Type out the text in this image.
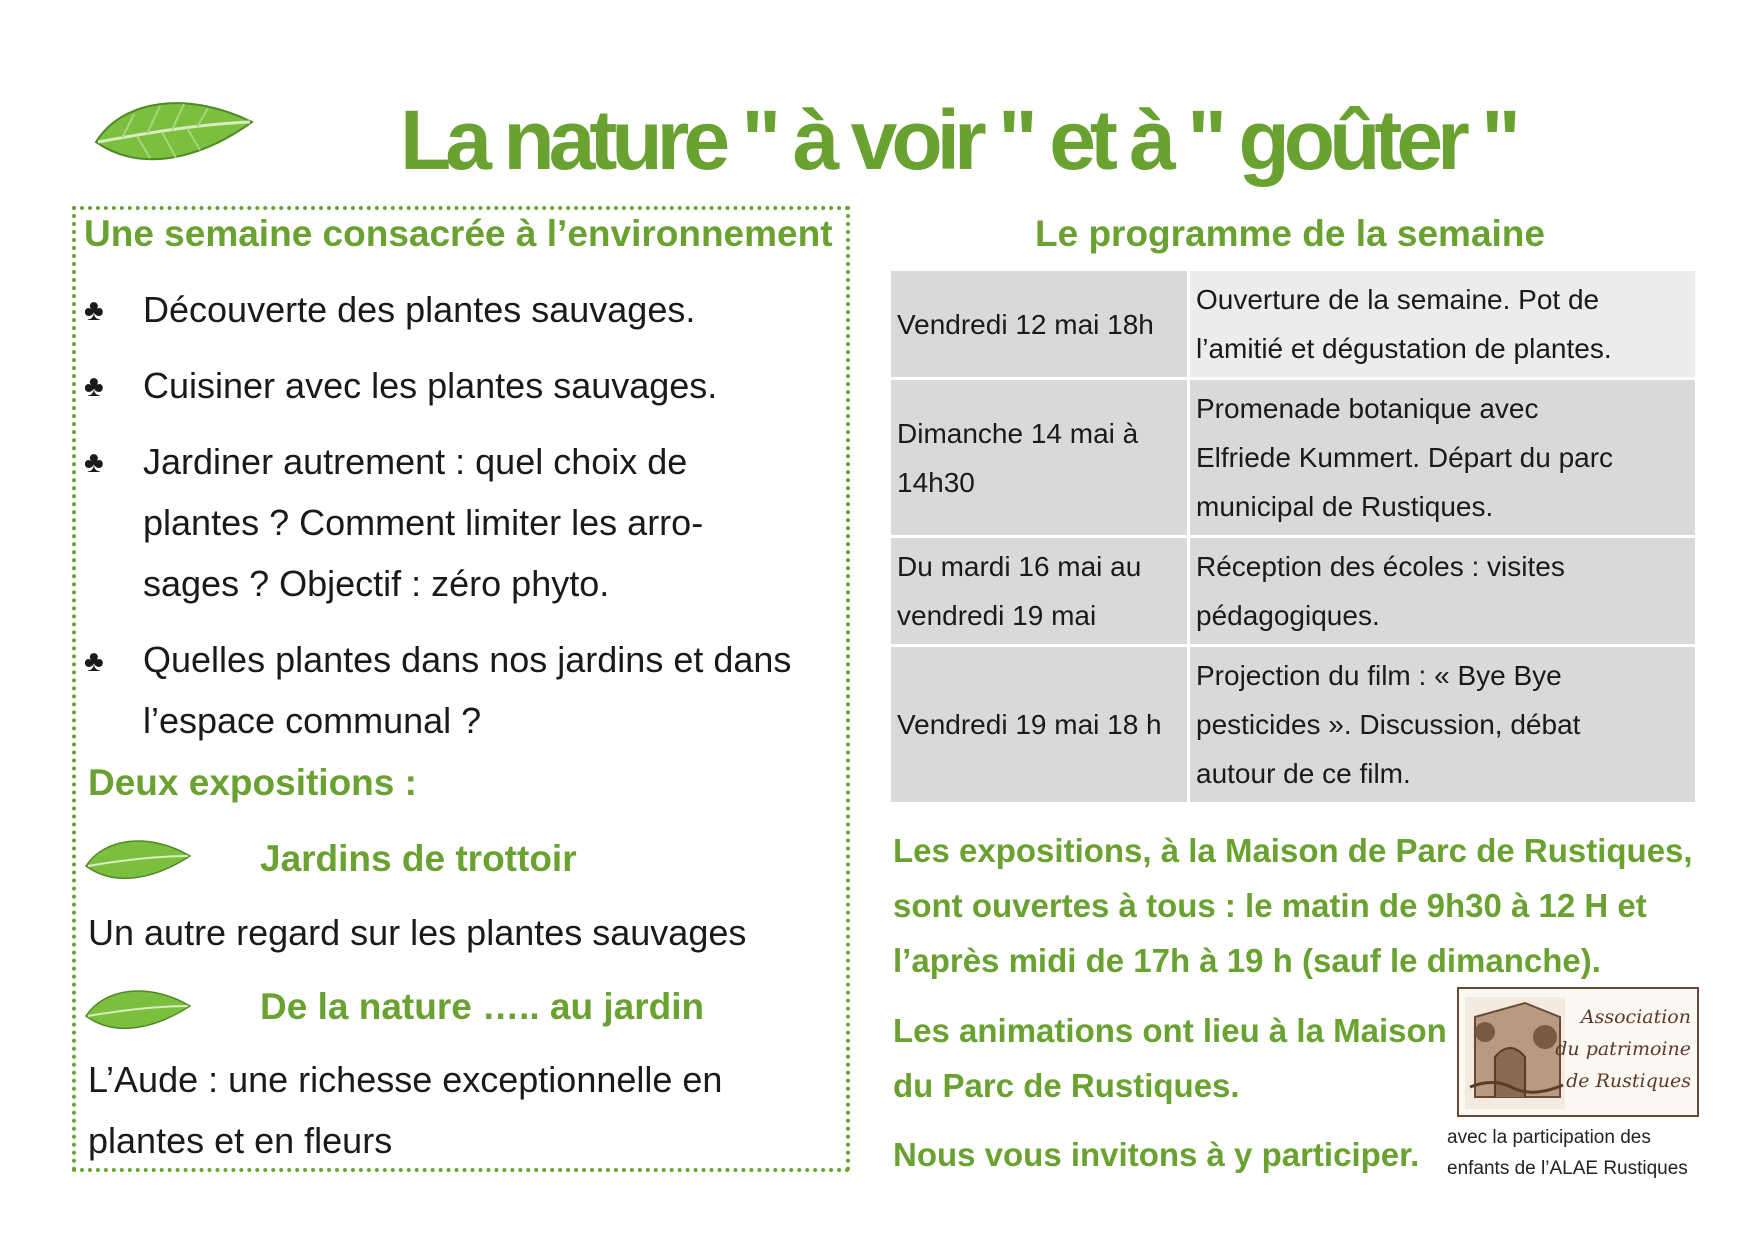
La nature " à voir " et à " goûter "
Une semaine consacrée à l’environnement
♣ Découverte des plantes sauvages.
♣ Cuisiner avec les plantes sauvages.
♣ Jardiner autrement : quel choix de
plantes ? Comment limiter les arro-
sages ? Objectif : zéro phyto.
♣ Quelles plantes dans nos jardins et dans
l’espace communal ?
Deux expositions :
Jardins de trottoir
Un autre regard sur les plantes sauvages
De la nature ….. au jardin
L’Aude : une richesse exceptionnelle en
plantes et en fleurs
Le programme de la semaine
Vendredi 12 mai 18h	Ouverture de la semaine. Pot de
l’amitié et dégustation de plantes.
Dimanche 14 mai à
14h30	Promenade botanique avec
Elfriede Kummert. Départ du parc
municipal de Rustiques.
Du mardi 16 mai au
vendredi 19 mai	Réception des écoles : visites
pédagogiques.
Vendredi 19 mai 18 h	Projection du film : « Bye Bye
pesticides ». Discussion, débat
autour de ce film.
Les expositions, à la Maison de Parc de Rustiques,
sont ouvertes à tous : le matin de 9h30 à 12 H et
l’après midi de 17h à 19 h (sauf le dimanche).
Les animations ont lieu à la Maison
du Parc de Rustiques.
Nous vous invitons à y participer.
Association
du patrimoine
de Rustiques
avec la participation des
enfants de l’ALAE Rustiques
